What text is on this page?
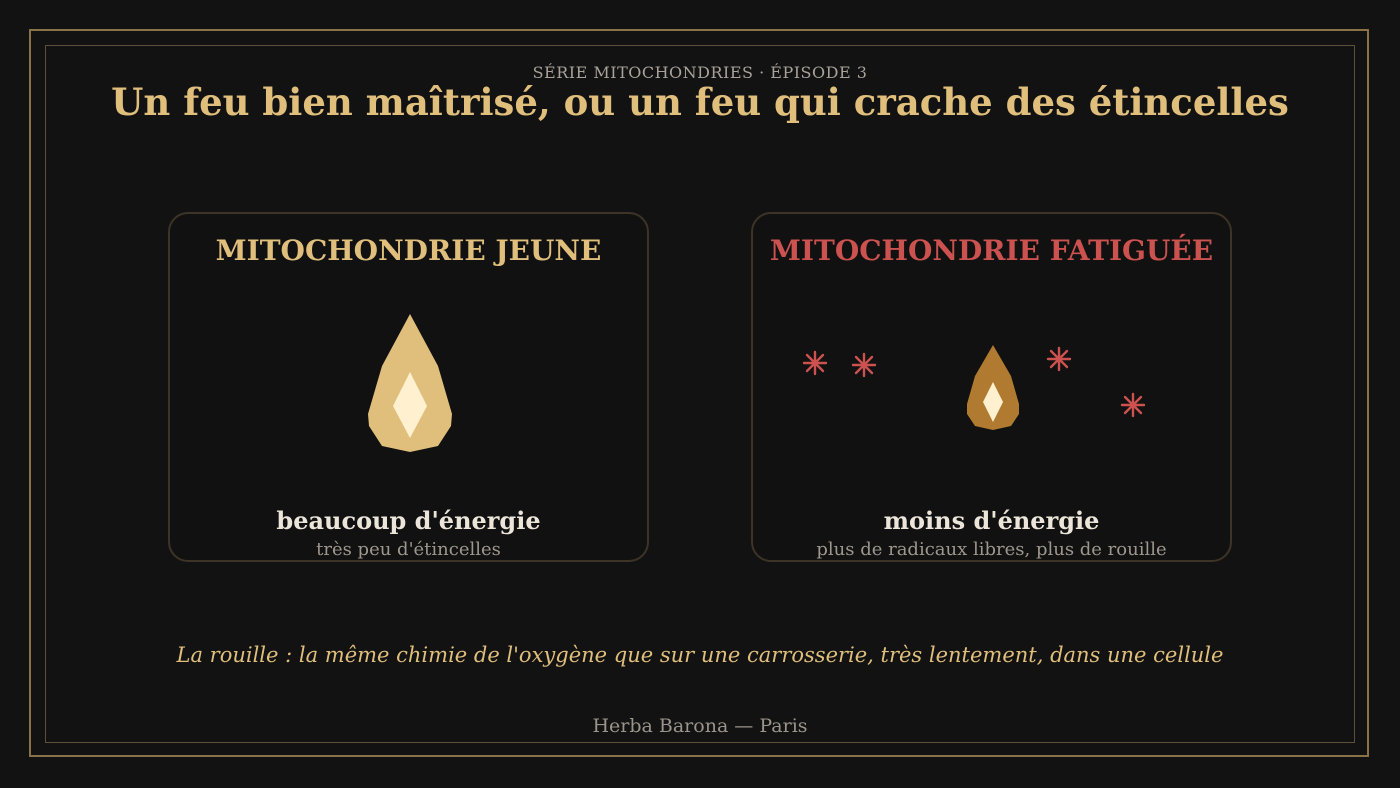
SÉRIE MITOCHONDRIES · ÉPISODE 3
Un feu bien maîtrisé, ou un feu qui crache des étincelles
MITOCHONDRIE JEUNE
beaucoup d'énergie
très peu d'étincelles
MITOCHONDRIE FATIGUÉE
moins d'énergie
plus de radicaux libres, plus de rouille
La rouille : la même chimie de l'oxygène que sur une carrosserie, très lentement, dans une cellule
Herba Barona — Paris
